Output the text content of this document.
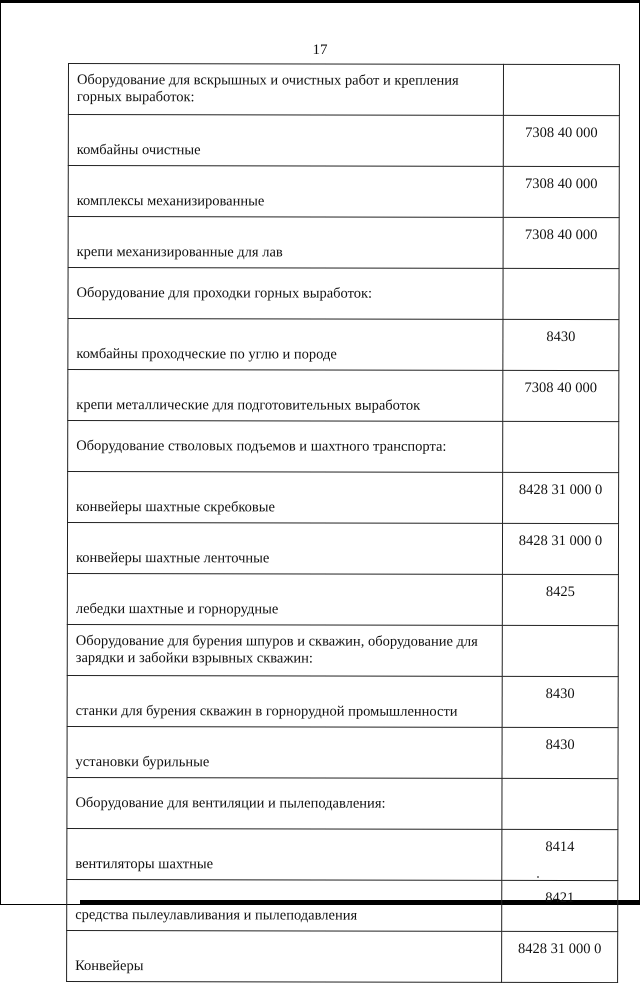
17
Оборудование для вскрышных и очистных работ и крепления горных выработок:	
комбайны очистные	7308 40 000
комплексы механизированные	7308 40 000
крепи механизированные для лав	7308 40 000
Оборудование для проходки горных выработок:	
комбайны проходческие по углю и породе	8430
крепи металлические для подготовительных выработок	7308 40 000
Оборудование стволовых подъемов и шахтного транспорта:	
конвейеры шахтные скребковые	8428 31 000 0
конвейеры шахтные ленточные	8428 31 000 0
лебедки шахтные и горнорудные	8425
Оборудование для бурения шпуров и скважин, оборудование для зарядки и забойки взрывных скважин:	
станки для бурения скважин в горнорудной промышленности	8430
установки бурильные	8430
Оборудование для вентиляции и пылеподавления:	
вентиляторы шахтные	8414
средства пылеулавливания и пылеподавления	8421
Конвейеры	8428 31 000 0
